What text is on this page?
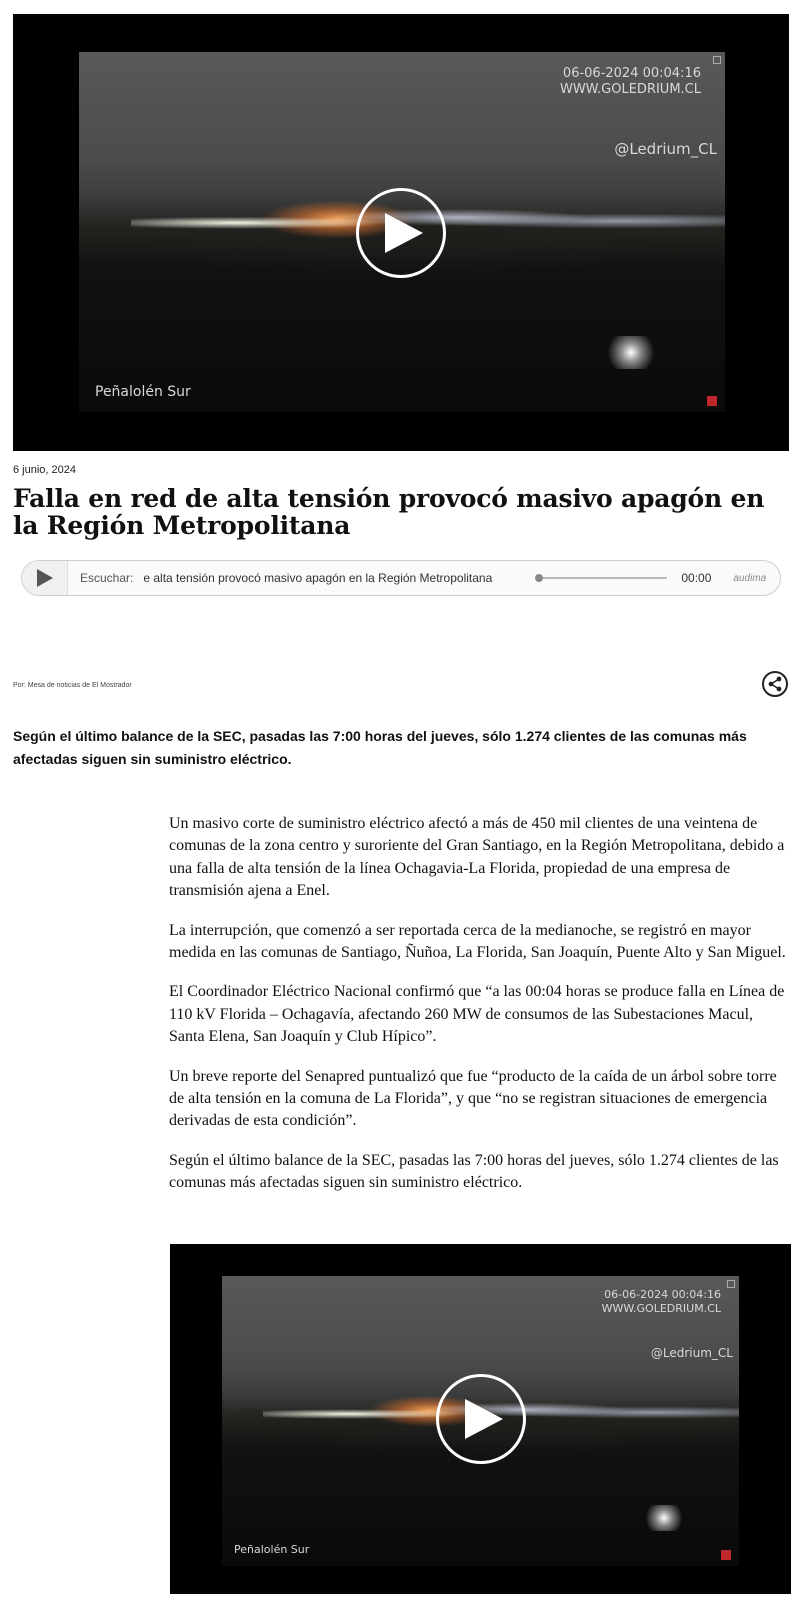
06-06-2024 00:04:16
WWW.GOLEDRIUM.CL
@Ledrium_CL
Peñalolén Sur
6 junio, 2024
Falla en red de alta tensión provocó masivo apagón en la Región Metropolitana
Escuchar: e alta tensión provocó masivo apagón en la Región Metropolitana	00:00 audima
Por: Mesa de noticias de El Mostrador

Según el último balance de la SEC, pasadas las 7:00 horas del jueves, sólo 1.274 clientes de las comunas más afectadas siguen sin suministro eléctrico.

Un masivo corte de suministro eléctrico afectó a más de 450 mil clientes de una veintena de comunas de la zona centro y suroriente del Gran Santiago, en la Región Metropolitana, debido a una falla de alta tensión de la línea Ochagavia-La Florida, propiedad de una empresa de transmisión ajena a Enel.

La interrupción, que comenzó a ser reportada cerca de la medianoche, se registró en mayor medida en las comunas de Santiago, Ñuñoa, La Florida, San Joaquín, Puente Alto y San Miguel.

El Coordinador Eléctrico Nacional confirmó que “a las 00:04 horas se produce falla en Línea de 110 kV Florida – Ochagavía, afectando 260 MW de consumos de las Subestaciones Macul, Santa Elena, San Joaquín y Club Hípico”.

Un breve reporte del Senapred puntualizó que fue “producto de la caída de un árbol sobre torre de alta tensión en la comuna de La Florida”, y que “no se registran situaciones de emergencia derivadas de esta condición”.

Según el último balance de la SEC, pasadas las 7:00 horas del jueves, sólo 1.274 clientes de las comunas más afectadas siguen sin suministro eléctrico.

06-06-2024 00:04:16
WWW.GOLEDRIUM.CL
@Ledrium_CL
Peñalolén Sur
